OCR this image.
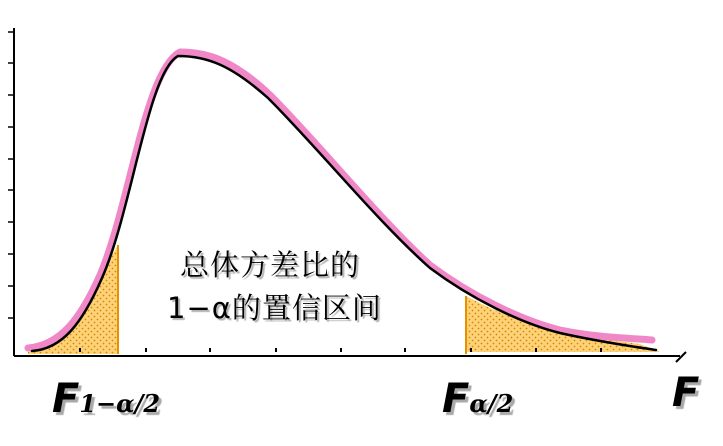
总体方差比的
1−α的置信区间
F1−α/2	Fα/2	F
